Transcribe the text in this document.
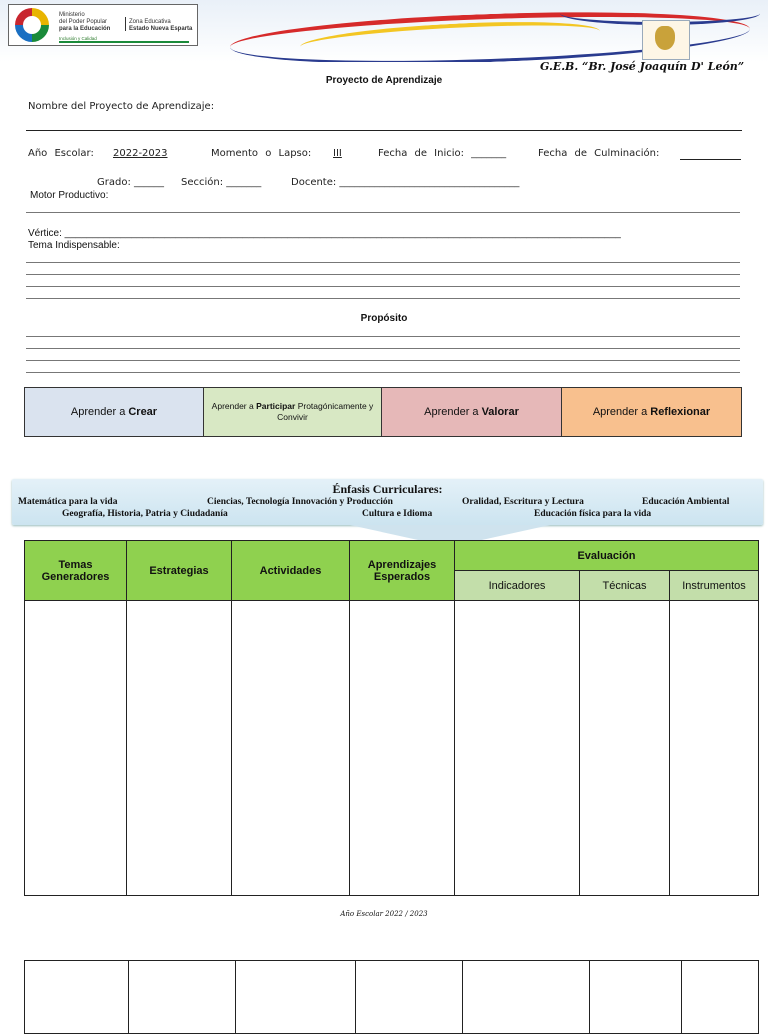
Ministerio
del Poder Popular
para la Educación
Zona Educativa
Estado Nueva Esparta
Inclusión y Calidad
G.E.B. “Br. José Joaquín D' León”
Proyecto de Aprendizaje
Nombre del Proyecto de Aprendizaje:
Año Escolar: 2022-2023	Momento o Lapso: III	Fecha de Inicio: _______	Fecha de Culminación:
Grado: ______ Sección: _______	Docente: ____________________________________
Motor Productivo:
Vértice: ____________________________________________________________________________________________________
Tema Indispensable:
Propósito
Aprender a Crear	Aprender a Participar Protagónicamente y Convivir	Aprender a Valorar	Aprender a Reflexionar
Énfasis Curriculares:
Matemática para la vida	Ciencias, Tecnología Innovación y Producción	Oralidad, Escritura y Lectura	Educación Ambiental
Geografía, Historia, Patria y Ciudadanía	Cultura e Idioma	Educación física para la vida
Temas Generadores	Estrategias	Actividades	Aprendizajes Esperados	Evaluación		
				Indicadores	Técnicas	Instrumentos

Año Escolar 2022 / 2023
